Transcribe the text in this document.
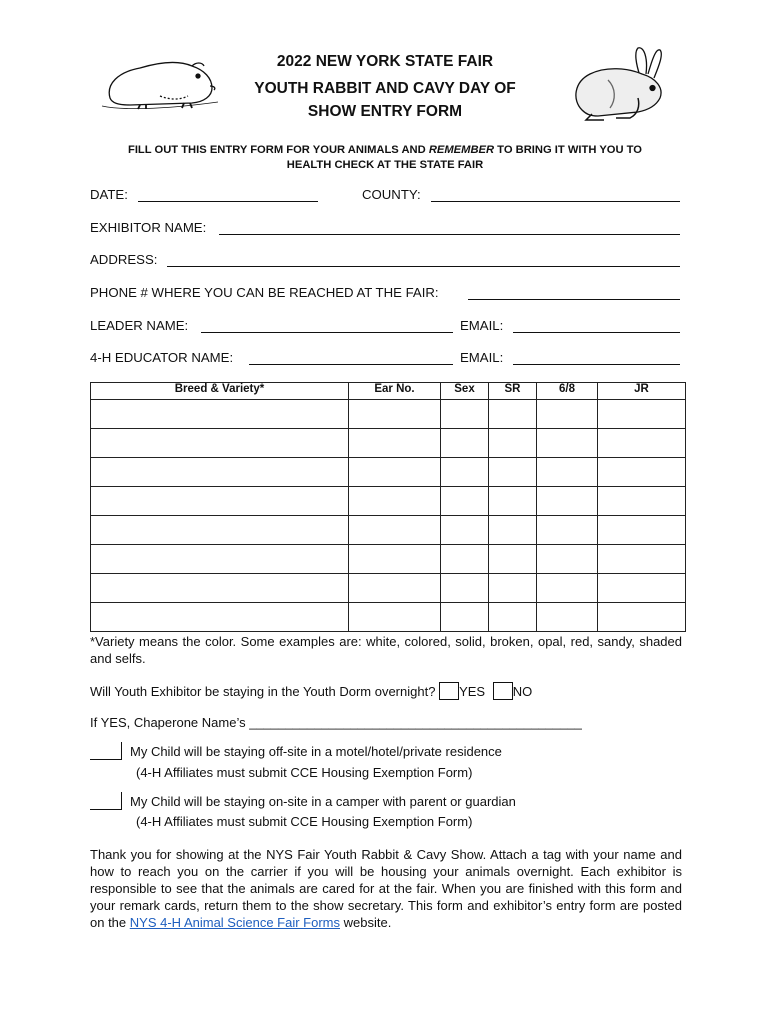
2022 NEW YORK STATE FAIR
YOUTH RABBIT AND CAVY DAY OF
SHOW ENTRY FORM
FILL OUT THIS ENTRY FORM FOR YOUR ANIMALS AND REMEMBER TO BRING IT WITH YOU TO
HEALTH CHECK AT THE STATE FAIR
DATE:	COUNTY:
EXHIBITOR NAME:
ADDRESS:
PHONE # WHERE YOU CAN BE REACHED AT THE FAIR:
LEADER NAME:	EMAIL:
4-H EDUCATOR NAME:	EMAIL:
Breed & Variety*	Ear No.	Sex	SR	6/8	JR

*Variety means the color. Some examples are: white, colored, solid, broken, opal, red, sandy, shaded and selfs.
Will Youth Exhibitor be staying in the Youth Dorm overnight? YES NO
If YES, Chaperone Name’s ______________________________________________
My Child will be staying off-site in a motel/hotel/private residence
(4-H Affiliates must submit CCE Housing Exemption Form)
My Child will be staying on-site in a camper with parent or guardian
(4-H Affiliates must submit CCE Housing Exemption Form)
Thank you for showing at the NYS Fair Youth Rabbit & Cavy Show. Attach a tag with your name and how to reach you on the carrier if you will be housing your animals overnight. Each exhibitor is responsible to see that the animals are cared for at the fair. When you are finished with this form and your remark cards, return them to the show secretary. This form and exhibitor’s entry form are posted on the NYS 4-H Animal Science Fair Forms website.
